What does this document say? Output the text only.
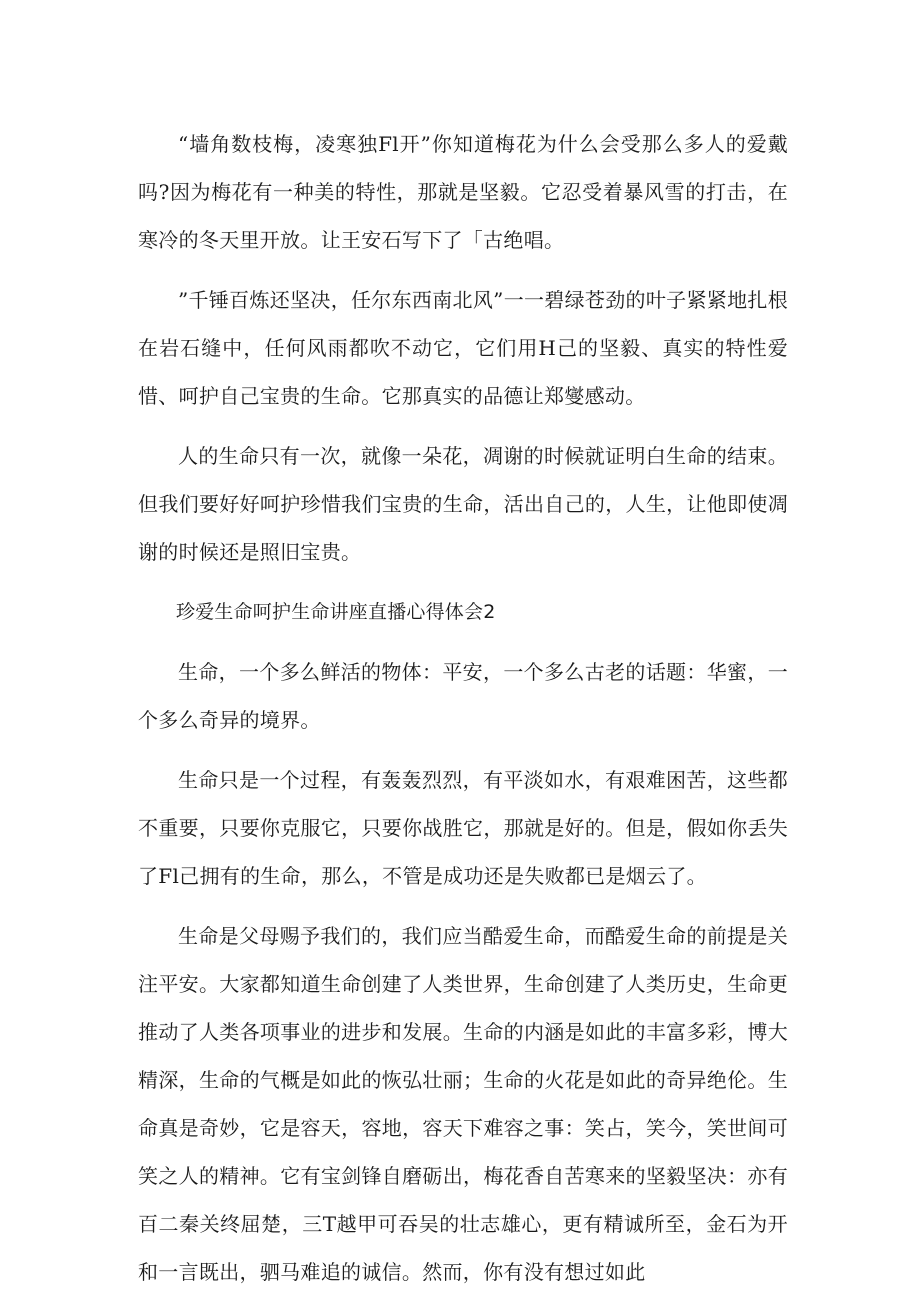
“墙角数枝梅，凌寒独Fl开”你知道梅花为什么会受那么多人的爱戴吗?因为梅花有一种美的特性，那就是坚毅。它忍受着暴风雪的打击，在寒冷的冬天里开放。让王安石写下了「古绝唱。

”千锤百炼还坚决，任尔东西南北风”一一碧绿苍劲的叶子紧紧地扎根在岩石缝中，任何风雨都吹不动它，它们用H己的坚毅、真实的特性爱惜、呵护自己宝贵的生命。它那真实的品德让郑燮感动。

人的生命只有一次，就像一朵花，凋谢的时候就证明白生命的结束。但我们要好好呵护珍惜我们宝贵的生命，活出自己的，人生，让他即使凋谢的时候还是照旧宝贵。

珍爱生命呵护生命讲座直播心得体会2

生命，一个多么鲜活的物体：平安，一个多么古老的话题：华蜜，一个多么奇异的境界。

生命只是一个过程，有轰轰烈烈，有平淡如水，有艰难困苦，这些都不重要，只要你克服它，只要你战胜它，那就是好的。但是，假如你丢失了Fl己拥有的生命，那么，不管是成功还是失败都已是烟云了。

生命是父母赐予我们的，我们应当酷爱生命，而酷爱生命的前提是关注平安。大家都知道生命创建了人类世界，生命创建了人类历史，生命更推动了人类各项事业的进步和发展。生命的内涵是如此的丰富多彩，博大精深，生命的气概是如此的恢弘壮丽；生命的火花是如此的奇异绝伦。生命真是奇妙，它是容天，容地，容天下难容之事：笑占，笑今，笑世间可笑之人的精神。它有宝剑锋自磨砺出，梅花香自苦寒来的坚毅坚决：亦有百二秦关终屈楚，三T越甲可吞吴的壮志雄心，更有精诚所至，金石为开和一言既出，驷马难追的诚信。然而，你有没有想过如此
